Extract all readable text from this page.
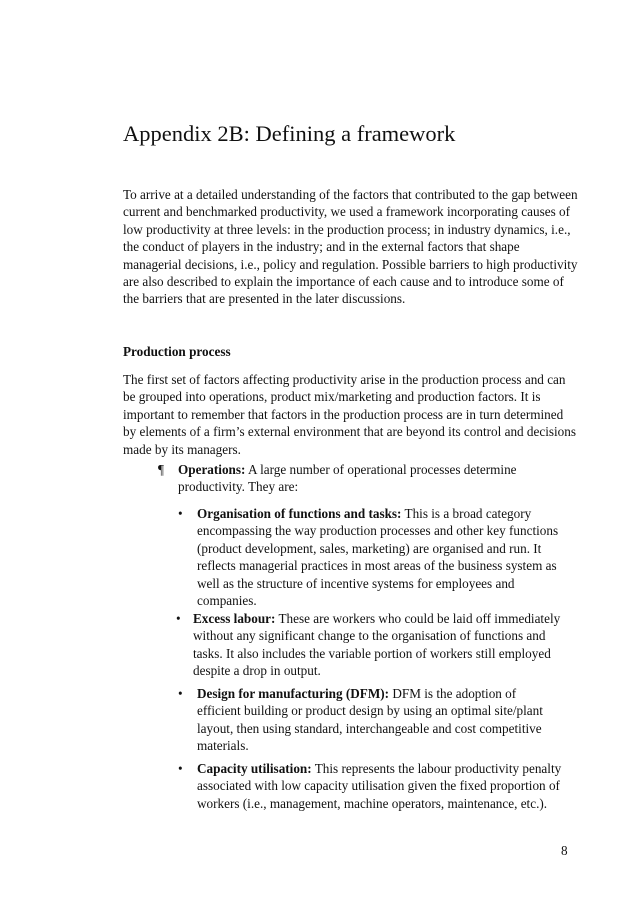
Appendix 2B: Defining a framework

To arrive at a detailed understanding of the factors that contributed to the gap between current and benchmarked productivity, we used a framework incorporating causes of low productivity at three levels: in the production process; in industry dynamics, i.e., the conduct of players in the industry; and in the external factors that shape managerial decisions, i.e., policy and regulation. Possible barriers to high productivity are also described to explain the importance of each cause and to introduce some of the barriers that are presented in the later discussions.

Production process

The first set of factors affecting productivity arise in the production process and can be grouped into operations, product mix/marketing and production factors. It is important to remember that factors in the production process are in turn determined by elements of a firm’s external environment that are beyond its control and decisions made by its managers.

¶ Operations: A large number of operational processes determine productivity. They are:
• Organisation of functions and tasks: This is a broad category encompassing the way production processes and other key functions (product development, sales, marketing) are organised and run. It reflects managerial practices in most areas of the business system as well as the structure of incentive systems for employees and companies.
• Excess labour: These are workers who could be laid off immediately without any significant change to the organisation of functions and tasks. It also includes the variable portion of workers still employed despite a drop in output.
• Design for manufacturing (DFM): DFM is the adoption of efficient building or product design by using an optimal site/plant layout, then using standard, interchangeable and cost competitive materials.
• Capacity utilisation: This represents the labour productivity penalty associated with low capacity utilisation given the fixed proportion of workers (i.e., management, machine operators, maintenance, etc.).
8
